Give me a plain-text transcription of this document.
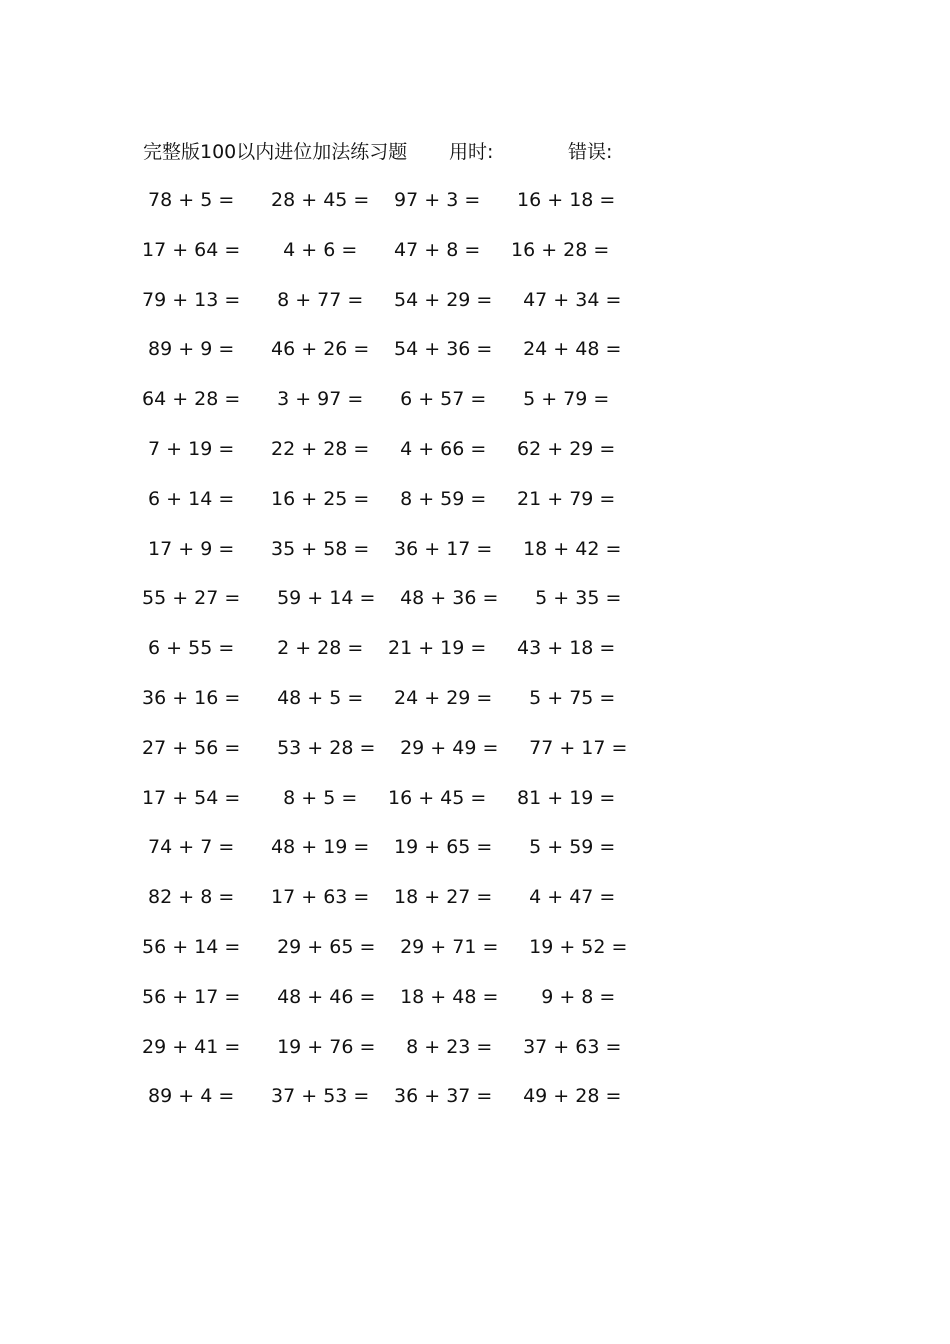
完整版100以内进位加法练习题 用时:	错误:
78 + 5 =	28 + 45 = 97 + 3 =	16 + 18 =
17 + 64 =	4 + 6 =	47 + 8 =	16 + 28 =
79 + 13 =	8 + 77 =	54 + 29 = 47 + 34 =
89 + 9 =	46 + 26 = 54 + 36 = 24 + 48 =
64 + 28 =	3 + 97 =	6 + 57 =	5 + 79 =
7 + 19 =	22 + 28 = 4 + 66 =	62 + 29 =
6 + 14 =	16 + 25 = 8 + 59 =	21 + 79 =
17 + 9 =	35 + 58 = 36 + 17 = 18 + 42 =
55 + 27 =	59 + 14 = 48 + 36 = 5 + 35 =
6 + 55 =	2 + 28 =	21 + 19 =	43 + 18 =
36 + 16 =	48 + 5 =	24 + 29 = 5 + 75 =
27 + 56 =	53 + 28 = 29 + 49 = 77 + 17 =
17 + 54 =	8 + 5 =	16 + 45 =	81 + 19 =
74 + 7 =	48 + 19 = 19 + 65 = 5 + 59 =
82 + 8 =	17 + 63 = 18 + 27 = 4 + 47 =
56 + 14 =	29 + 65 = 29 + 71 = 19 + 52 =
56 + 17 =	48 + 46 = 18 + 48 = 9 + 8 =
29 + 41 =	19 + 76 = 8 + 23 = 37 + 63 =
89 + 4 =	37 + 53 = 36 + 37 = 49 + 28 =
